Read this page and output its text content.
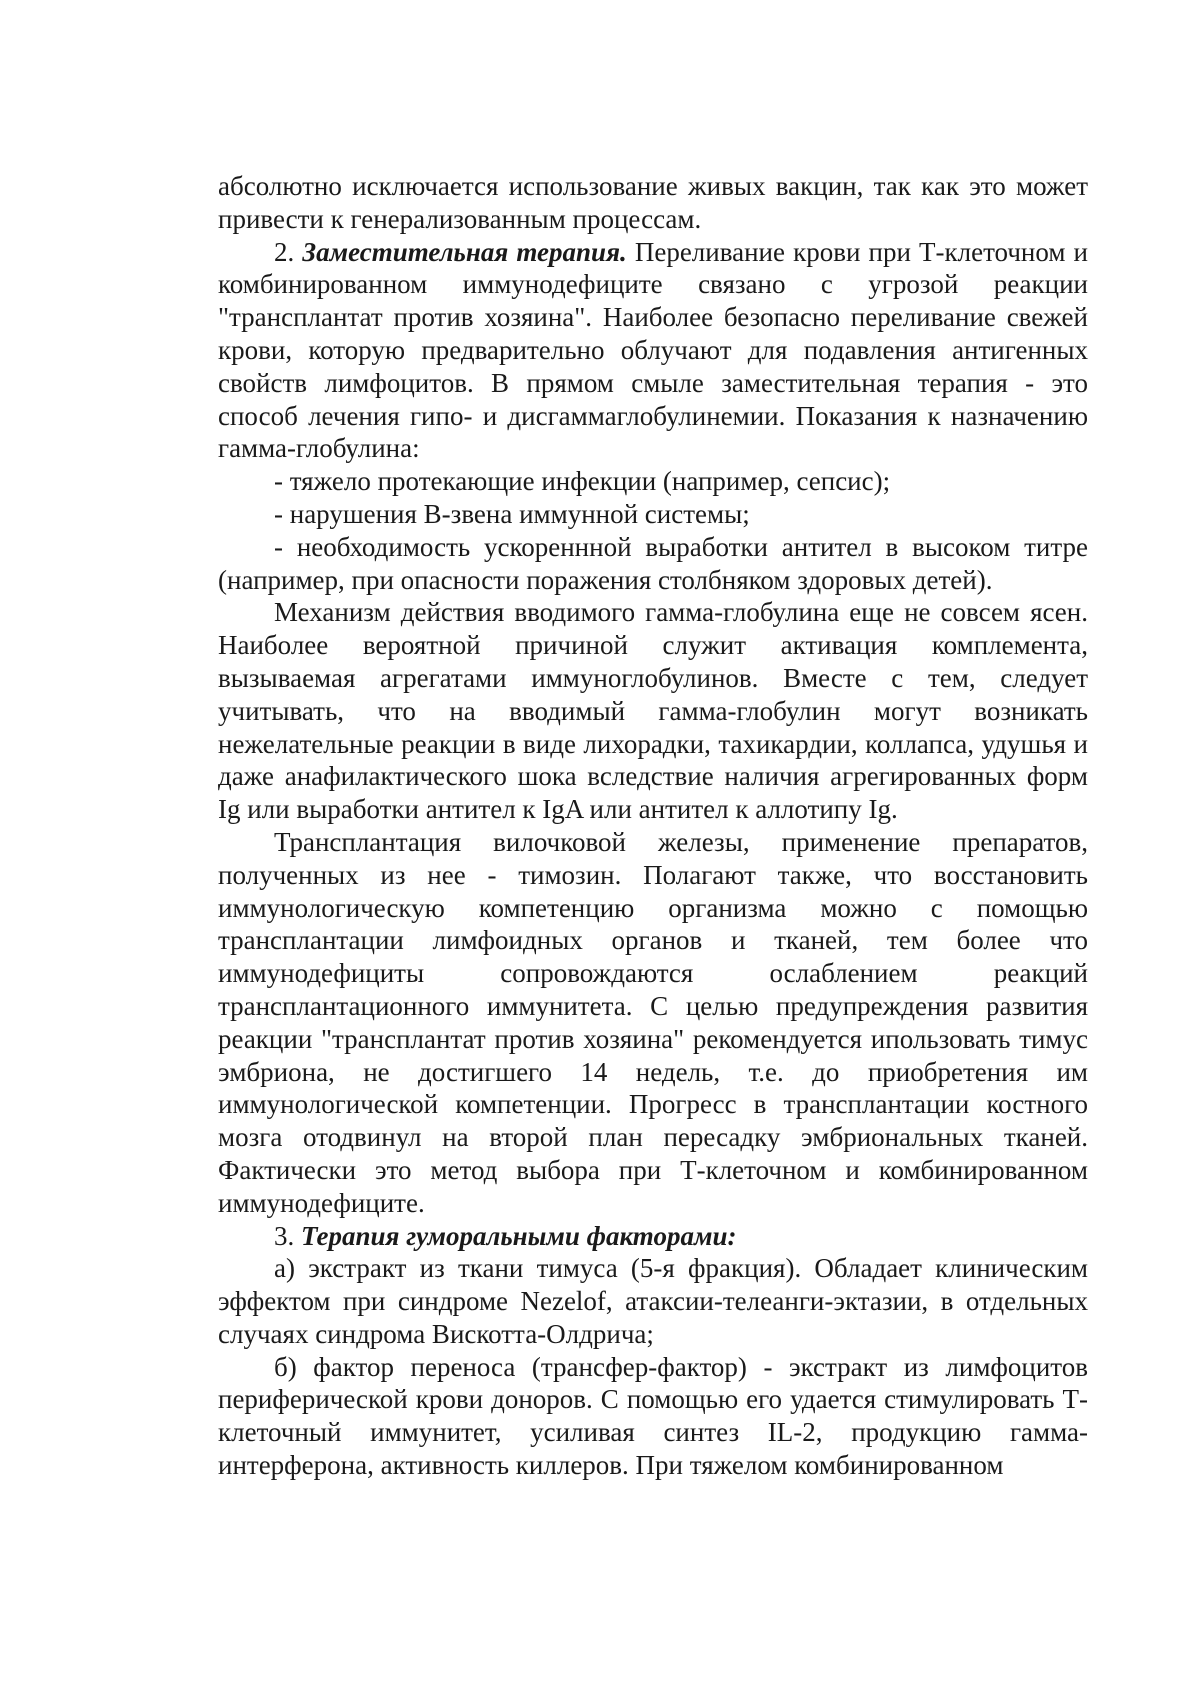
абсолютно исключается использование живых вакцин, так как это может привести к генерализованным процессам.

2. Заместительная терапия. Переливание крови при Т-клеточном и комбинированном иммунодефиците связано с угрозой реакции "трансплантат против хозяина". Наиболее безопасно переливание свежей крови, которую предварительно облучают для подавления антигенных свойств лимфоцитов. В прямом смыле заместительная терапия - это способ лечения гипо- и дисгаммаглобулинемии. Показания к назначению гамма-глобулина:

- тяжело протекающие инфекции (например, сепсис);

- нарушения В-звена иммунной системы;

- необходимость ускореннной выработки антител в высоком титре (например, при опасности поражения столбняком здоровых детей).

Механизм действия вводимого гамма-глобулина еще не совсем ясен. Наиболее вероятной причиной служит активация комплемента, вызываемая агрегатами иммуноглобулинов. Вместе с тем, следует учитывать, что на вводимый гамма-глобулин могут возникать нежелательные реакции в виде лихорадки, тахикардии, коллапса, удушья и даже анафилактического шока вследствие наличия агрегированных форм Ig или выработки антител к IgA или антител к аллотипу Ig.

Трансплантация вилочковой железы, применение препаратов, полученных из нее - тимозин. Полагают также, что восстановить иммунологическую компетенцию организма можно с помощью трансплантации лимфоидных органов и тканей, тем более что иммунодефициты сопровождаются ослаблением реакций трансплантационного иммунитета. С целью предупреждения развития реакции "трансплантат против хозяина" рекомендуется ипользовать тимус эмбриона, не достигшего 14 недель, т.е. до приобретения им иммунологической компетенции. Прогресс в трансплантации костного мозга отодвинул на второй план пересадку эмбриональных тканей. Фактически это метод выбора при Т-клеточном и комбинированном иммунодефиците.

3. Терапия гуморальными факторами:

а) экстракт из ткани тимуса (5-я фракция). Обладает клиническим эффектом при синдроме Nezelof, атаксии-телеанги-эктазии, в отдельных случаях синдрома Вискотта-Олдрича;

б) фактор переноса (трансфер-фактор) - экстракт из лимфоцитов периферической крови доноров. С помощью его удается стимулировать Т-клеточный иммунитет, усиливая синтез IL-2, продукцию гамма-интерферона, активность киллеров. При тяжелом комбинированном
